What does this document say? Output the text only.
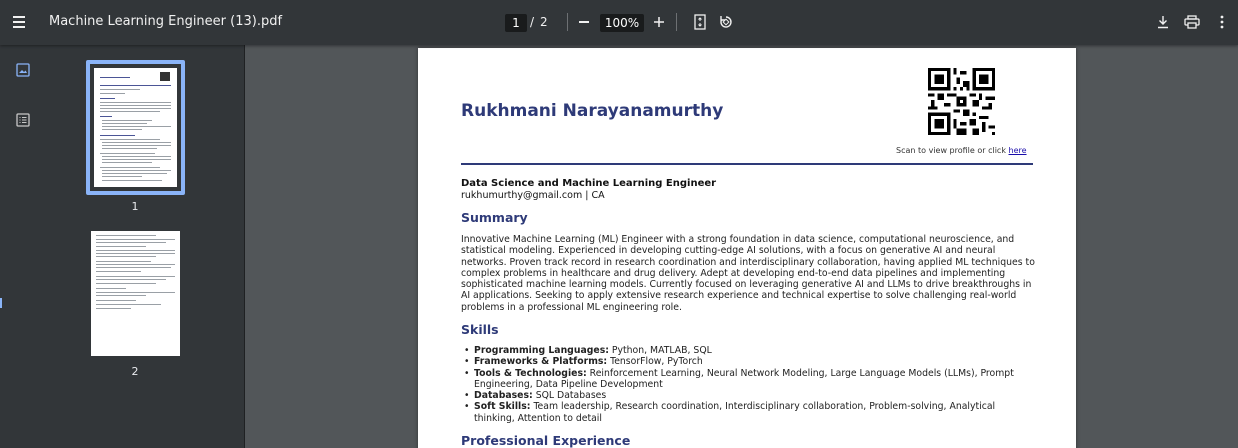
Machine Learning Engineer (13).pdf	1 / 2	100%
1
2
Rukhmani Narayanamurthy
Scan to view profile or click here
Data Science and Machine Learning Engineer
rukhumurthy@gmail.com | CA
Summary
Innovative Machine Learning (ML) Engineer with a strong foundation in data science, computational neuroscience, and statistical modeling. Experienced in developing cutting-edge AI solutions, with a focus on generative AI and neural networks. Proven track record in research coordination and interdisciplinary collaboration, having applied ML techniques to complex problems in healthcare and drug delivery. Adept at developing end-to-end data pipelines and implementing sophisticated machine learning models. Currently focused on leveraging generative AI and LLMs to drive breakthroughs in AI applications. Seeking to apply extensive research experience and technical expertise to solve challenging real-world problems in a professional ML engineering role.
Skills
• Programming Languages: Python, MATLAB, SQL
• Frameworks & Platforms: TensorFlow, PyTorch
• Tools & Technologies: Reinforcement Learning, Neural Network Modeling, Large Language Models (LLMs), Prompt Engineering, Data Pipeline Development
• Databases: SQL Databases
• Soft Skills: Team leadership, Research coordination, Interdisciplinary collaboration, Problem-solving, Analytical thinking, Attention to detail
Professional Experience
